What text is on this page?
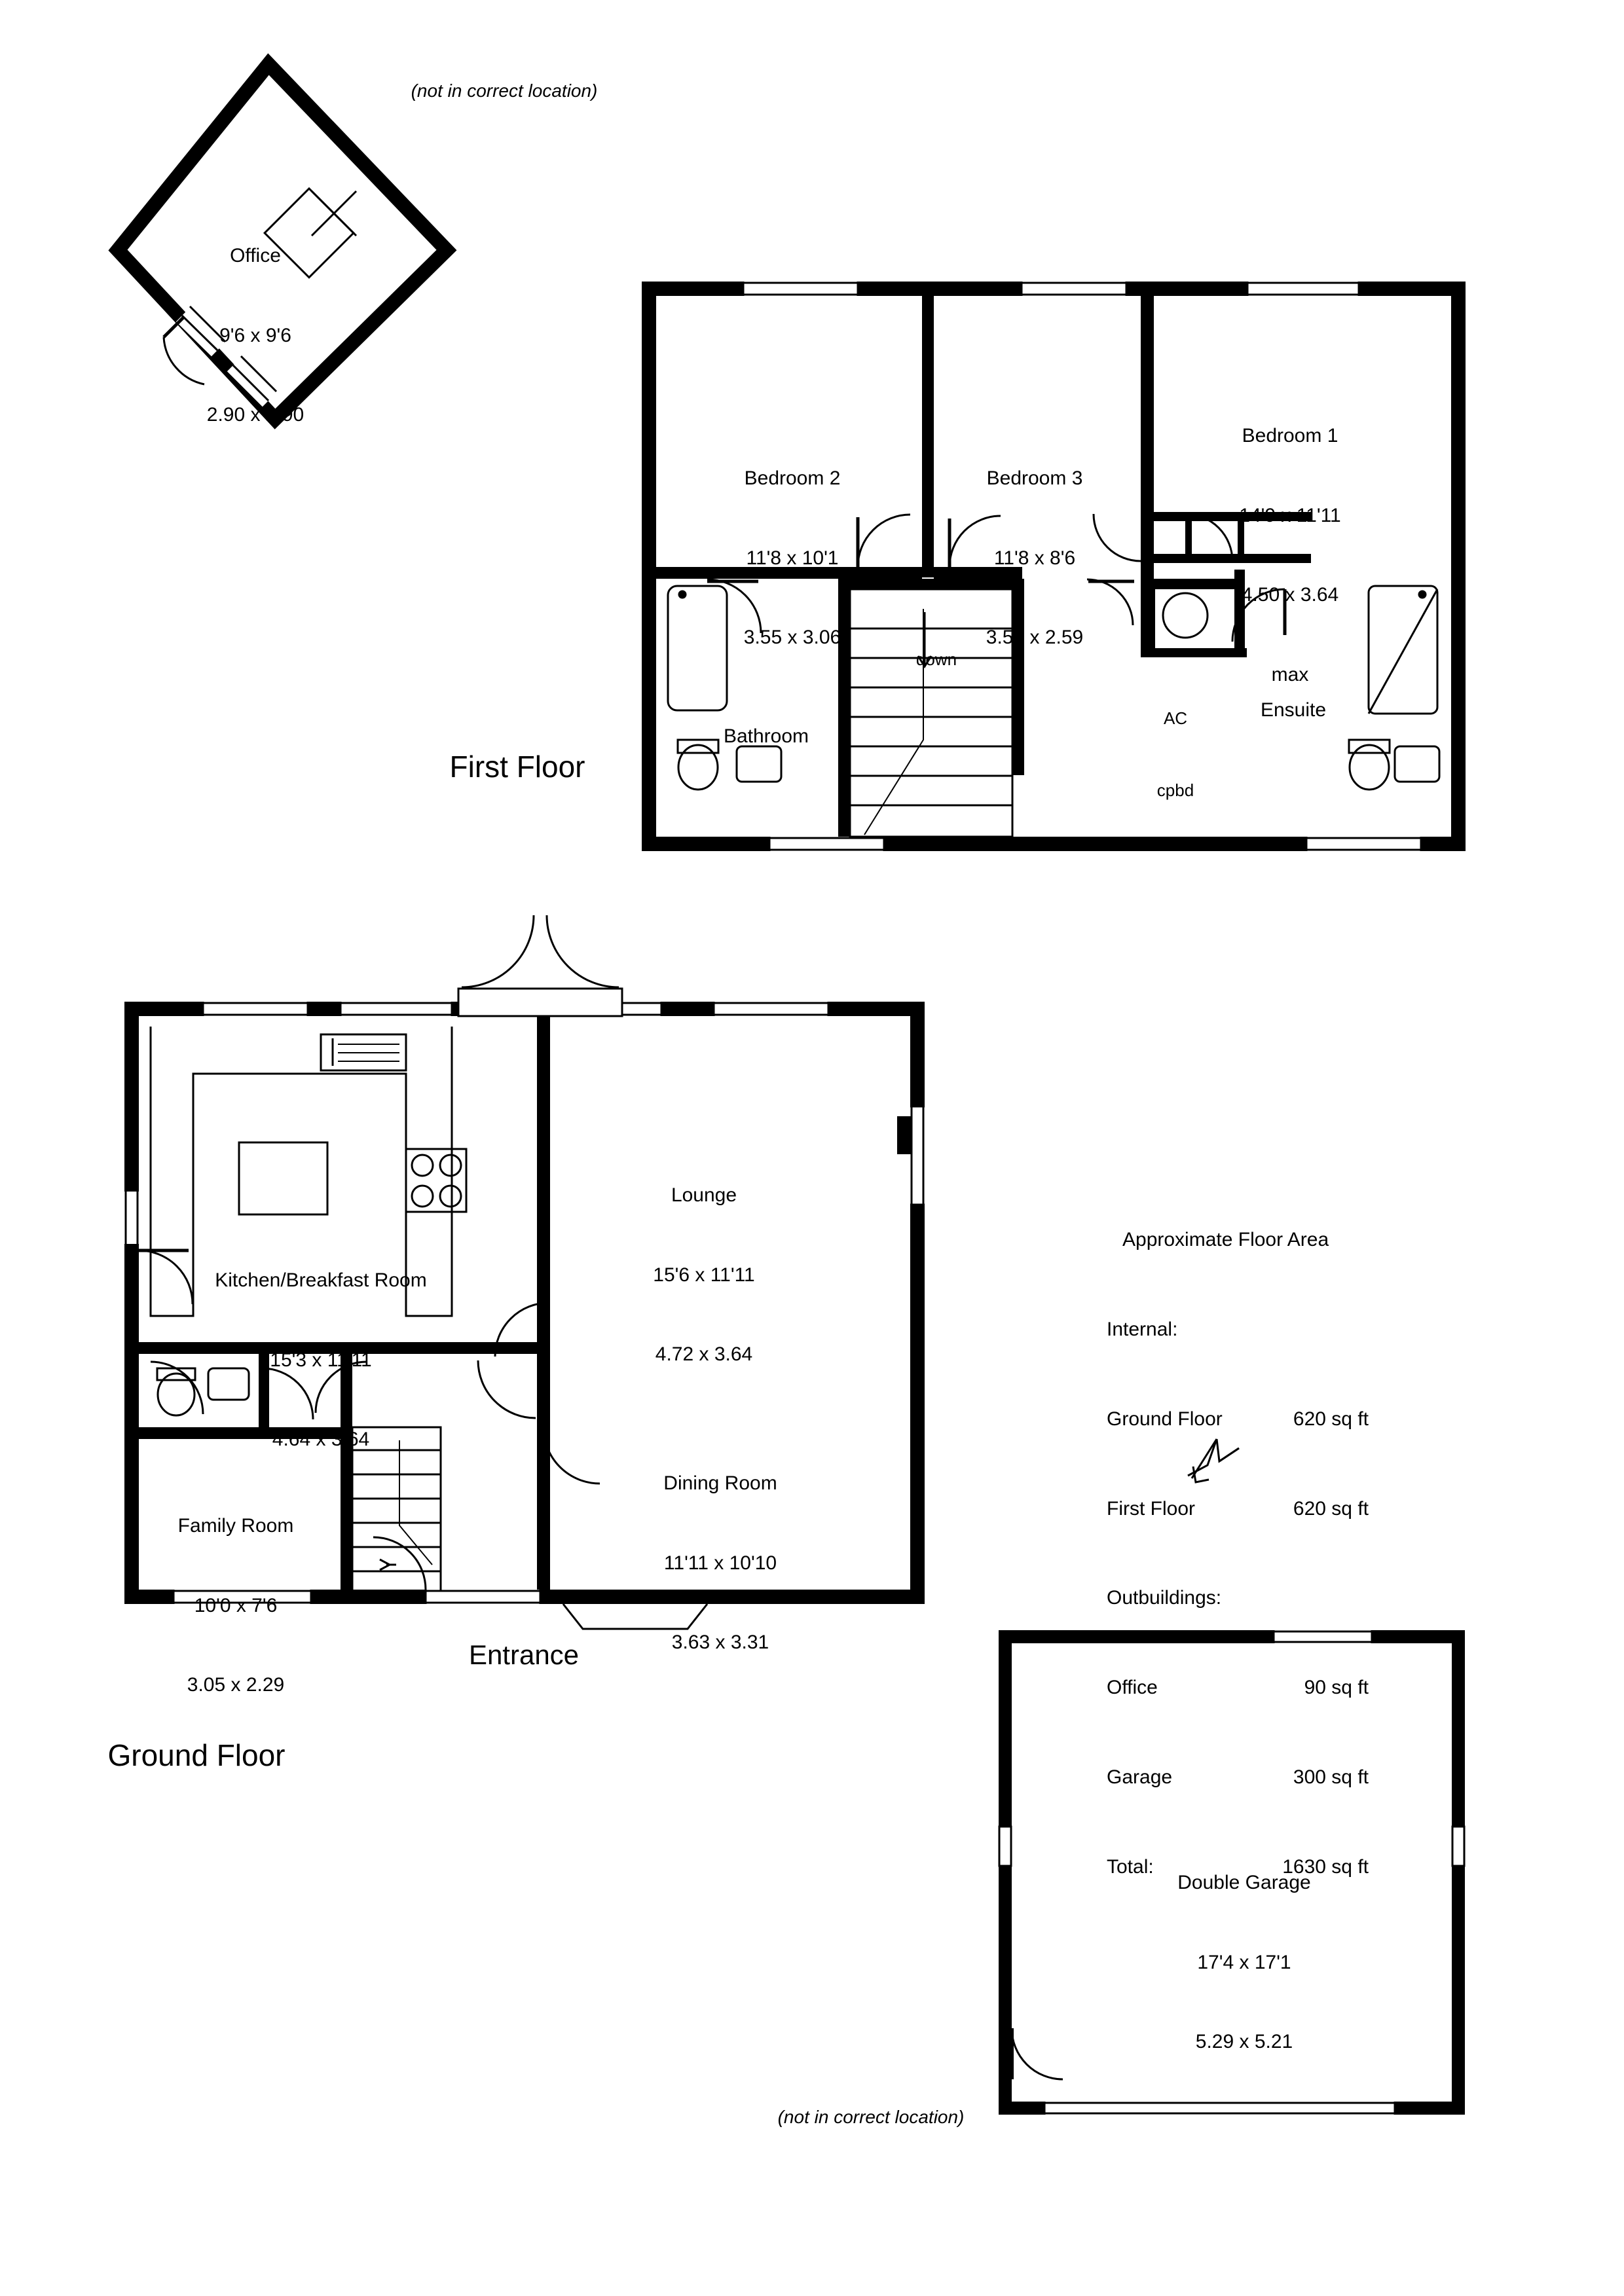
Office

9'6 x 9'6

2.90 x 2.90

(not in correct location)
First Floor

Bedroom 2

11'8 x 10'1

3.55 x 3.06

Bedroom 3

11'8 x 8'6

3.55 x 2.59

Bedroom 1

14'9 x 11'11

4.50 x 3.64

max

Bathroom
Ensuite
AC
cpbd
down
Ground Floor

Kitchen/Breakfast Room

15'3 x 11'11

4.64 x 3.64

Lounge

15'6 x 11'11

4.72 x 3.64

Dining Room

11'11 x 10'10

3.63 x 3.31

Family Room

10'0 x 7'6

3.05 x 2.29

Entrance

Approximate Floor Area

Internal:

Ground Floor	620 sq ft

First Floor	620 sq ft

Outbuildings:

Office	90 sq ft

Garage	300 sq ft

Total:	1630 sq ft

Double Garage

17'4 x 17'1

5.29 x 5.21

(not in correct location)
